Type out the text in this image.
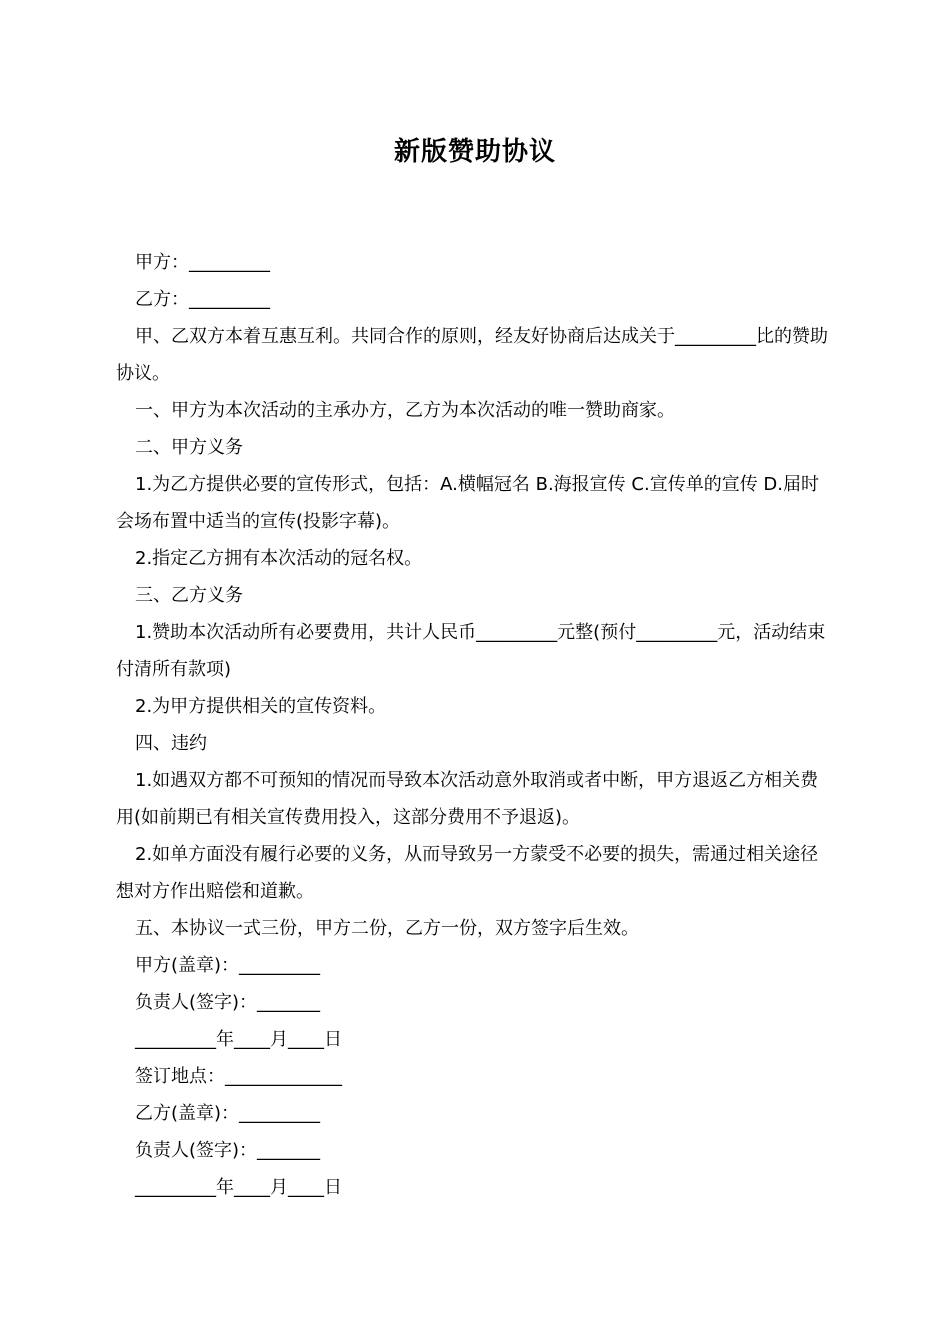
新版赞助协议

甲方：_________

乙方：_________

甲、乙双方本着互惠互利。共同合作的原则，经友好协商后达成关于_________比的赞助协议。

一、甲方为本次活动的主承办方，乙方为本次活动的唯一赞助商家。

二、甲方义务

1.为乙方提供必要的宣传形式，包括：A.横幅冠名 B.海报宣传 C.宣传单的宣传 D.届时会场布置中适当的宣传(投影字幕)。

2.指定乙方拥有本次活动的冠名权。

三、乙方义务

1.赞助本次活动所有必要费用，共计人民币_________元整(预付_________元，活动结束付清所有款项)

2.为甲方提供相关的宣传资料。

四、违约

1.如遇双方都不可预知的情况而导致本次活动意外取消或者中断，甲方退返乙方相关费用(如前期已有相关宣传费用投入，这部分费用不予退返)。

2.如单方面没有履行必要的义务，从而导致另一方蒙受不必要的损失，需通过相关途径想对方作出赔偿和道歉。

五、本协议一式三份，甲方二份，乙方一份，双方签字后生效。

甲方(盖章)：_________

负责人(签字)：_______

_________年____月____日

签订地点：_____________

乙方(盖章)：_________

负责人(签字)：_______

_________年____月____日
